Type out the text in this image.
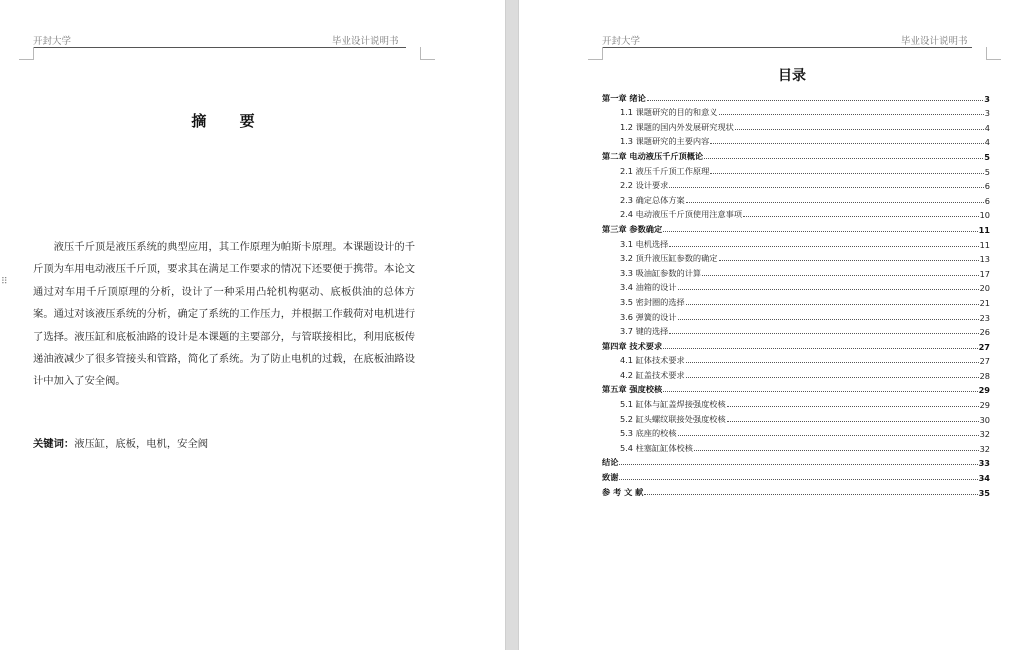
开封大学	毕业设计说明书
⠿
摘 要

液压千斤顶是液压系统的典型应用，其工作原理为帕斯卡原理。本课题设计的千斤顶为车用电动液压千斤顶，要求其在满足工作要求的情况下还要便于携带。本论文通过对车用千斤顶原理的分析，设计了一种采用凸轮机构驱动、底板供油的总体方案。通过对该液压系统的分析，确定了系统的工作压力，并根据工作载荷对电机进行了选择。液压缸和底板油路的设计是本课题的主要部分，与管联接相比，利用底板传递油液减少了很多管接头和管路，简化了系统。为了防止电机的过载，在底板油路设计中加入了安全阀。

关键词：液压缸，底板，电机，安全阀
开封大学	毕业设计说明书
目录
第一章 绪论	3
1.1 课题研究的目的和意义	3
1.2 课题的国内外发展研究现状	4
1.3 课题研究的主要内容	4
第二章 电动液压千斤顶概论	5
2.1 液压千斤顶工作原理	5
2.2 设计要求	6
2.3 确定总体方案	6
2.4 电动液压千斤顶使用注意事项	10
第三章 参数确定	11
3.1 电机选择	11
3.2 顶升液压缸参数的确定	13
3.3 吸油缸参数的计算	17
3.4 油箱的设计	20
3.5 密封圈的选择	21
3.6 弹簧的设计	23
3.7 键的选择	26
第四章 技术要求	27
4.1 缸体技术要求	27
4.2 缸盖技术要求	28
第五章 强度校核	29
5.1 缸体与缸盖焊接强度校核	29
5.2 缸头螺纹联接处强度校核	30
5.3 底座的校核	32
5.4 柱塞缸缸体校核	32
结论	33
致谢	34
参 考 文 献	35
